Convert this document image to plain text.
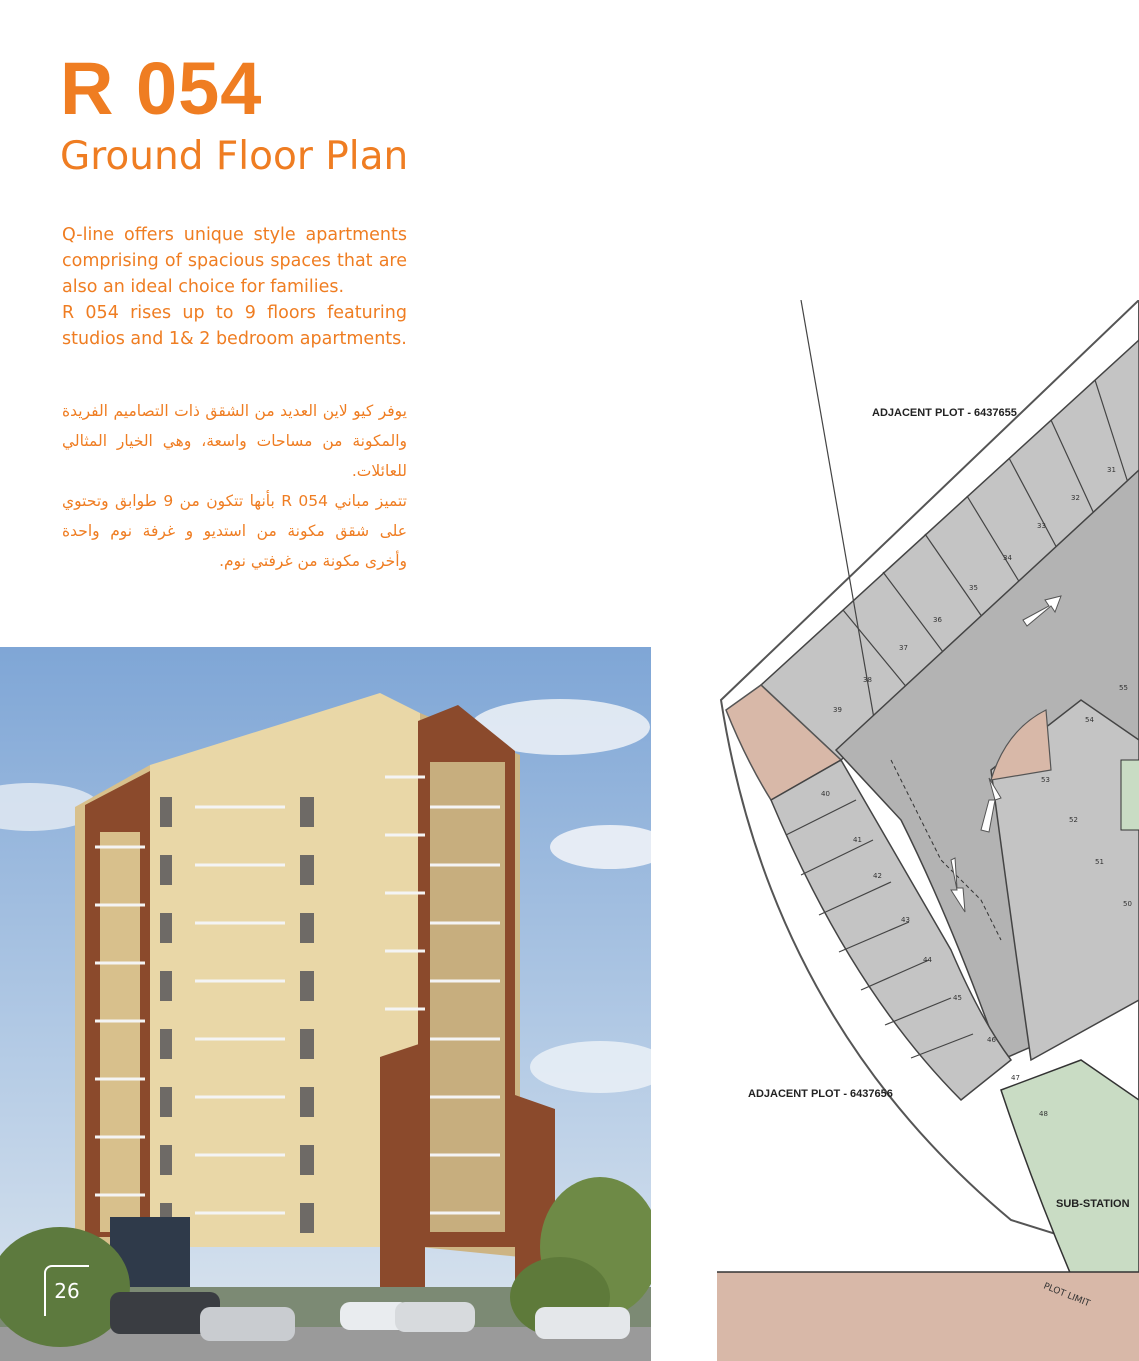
R 054
Ground Floor Plan

Q-line offers unique style apartments comprising of spacious spaces that are also an ideal choice for families.

R 054 rises up to 9 floors featuring studios and 1& 2 bedroom apartments.

يوفر كيو لاين العديد من الشقق ذات التصاميم الفريدة والمكونة من مساحات واسعة، وهي الخيار المثالي للعائلات.

تتميز مباني R 054 بأنها تتكون من 9 طوابق وتحتوي على شقق مكونة من استديو و غرفة نوم واحدة وأخرى مكونة من غرفتي نوم.

26
39
38
37
36
35
34
33
32
31
40
41
42
43
44
45
46
47
48
55
54
53
52
51
50
ADJACENT PLOT - 6437655
ADJACENT PLOT - 6437656
SUB-STATION
PLOT LIMIT
